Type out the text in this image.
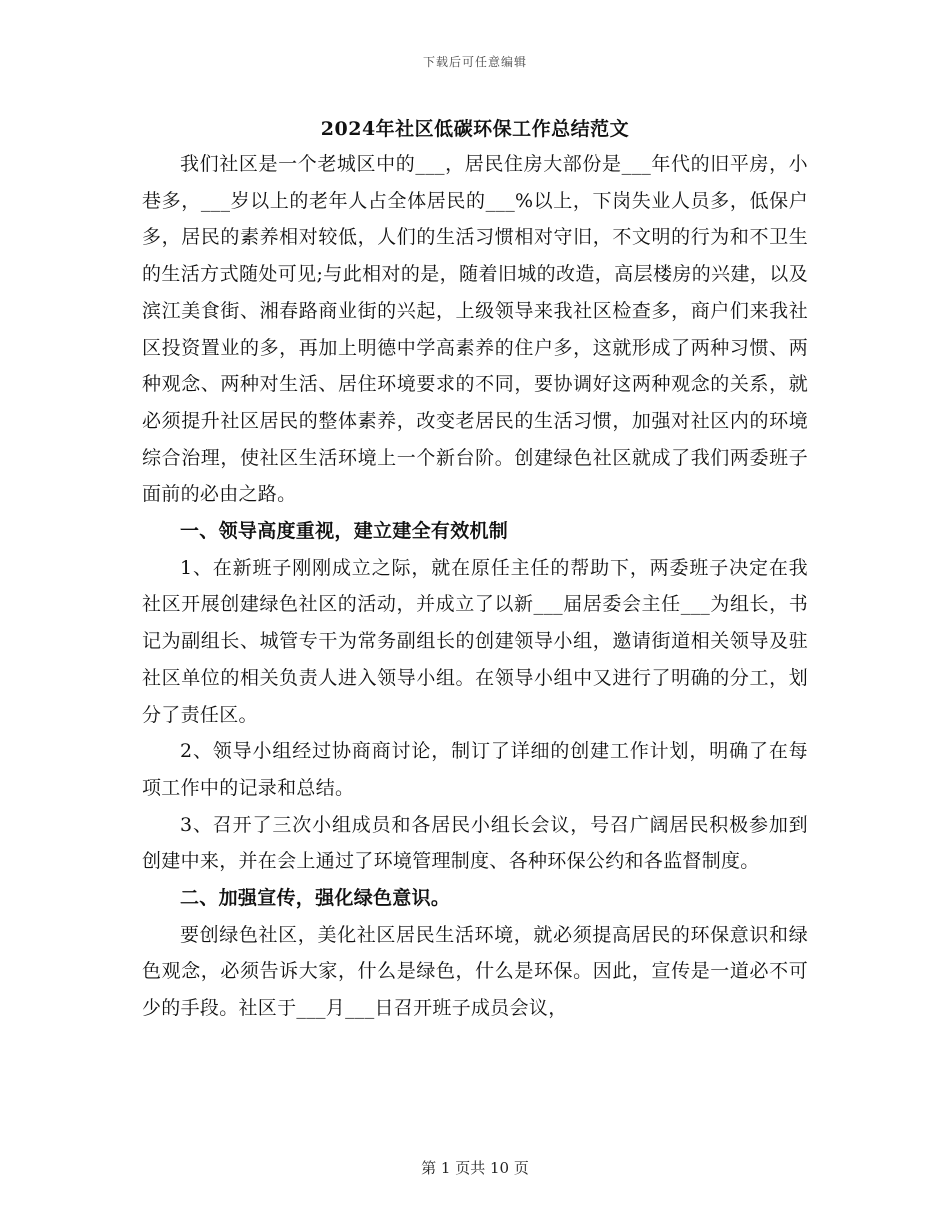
下载后可任意编辑
2024年社区低碳环保工作总结范文

我们社区是一个老城区中的___，居民住房大部份是___年代的旧平房，小巷多，___岁以上的老年人占全体居民的___%以上，下岗失业人员多，低保户多，居民的素养相对较低，人们的生活习惯相对守旧，不文明的行为和不卫生的生活方式随处可见;与此相对的是，随着旧城的改造，高层楼房的兴建，以及滨江美食街、湘春路商业街的兴起，上级领导来我社区检查多，商户们来我社区投资置业的多，再加上明德中学高素养的住户多，这就形成了两种习惯、两种观念、两种对生活、居住环境要求的不同，要协调好这两种观念的关系，就必须提升社区居民的整体素养，改变老居民的生活习惯，加强对社区内的环境综合治理，使社区生活环境上一个新台阶。创建绿色社区就成了我们两委班子面前的必由之路。

一、领导高度重视，建立建全有效机制

1、在新班子刚刚成立之际，就在原任主任的帮助下，两委班子决定在我社区开展创建绿色社区的活动，并成立了以新___届居委会主任___为组长，书记为副组长、城管专干为常务副组长的创建领导小组，邀请街道相关领导及驻社区单位的相关负责人进入领导小组。在领导小组中又进行了明确的分工，划分了责任区。

2、领导小组经过协商商讨论，制订了详细的创建工作计划，明确了在每项工作中的记录和总结。

3、召开了三次小组成员和各居民小组长会议，号召广阔居民积极参加到创建中来，并在会上通过了环境管理制度、各种环保公约和各监督制度。

二、加强宣传，强化绿色意识。

要创绿色社区，美化社区居民生活环境，就必须提高居民的环保意识和绿色观念，必须告诉大家，什么是绿色，什么是环保。因此，宣传是一道必不可少的手段。社区于___月___日召开班子成员会议，

第 1 页共 10 页
